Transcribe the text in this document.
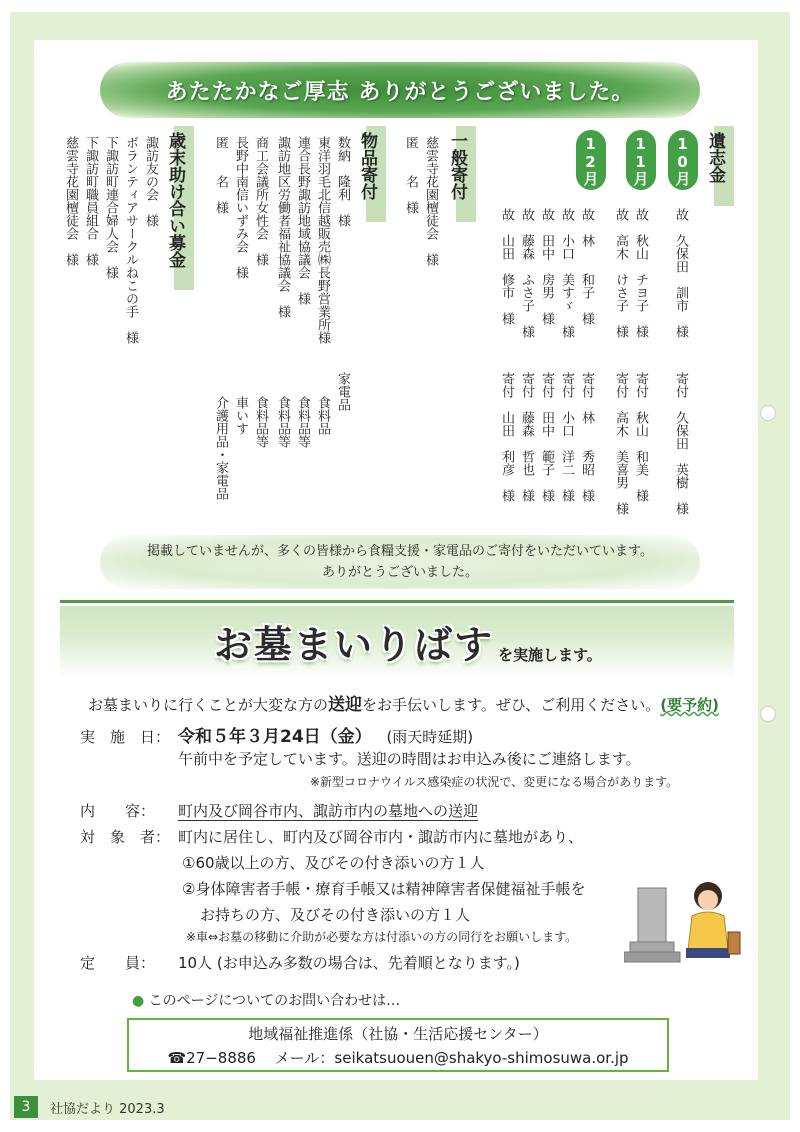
あたたかなご厚志 ありがとうございました。
遺志金
10月
11月
12月
故　久保田　訓市　様
寄付　久保田　英樹　様
故　秋山　チヨ子　様
寄付　秋山　和美　様
故　高木　けさ子　様
寄付　高木　美喜男　様
故　林　　和子　様
寄付　林　　秀昭　様
故　小口　美すゞ　様
寄付　小口　洋二　様
故　田中　房男　様
寄付　田中　範子　様
故　藤森　ふさ子　様
寄付　藤森　哲也　様
故　山田　修市　様
寄付　山田　利彦　様
一般寄付
慈雲寺花園檀徒会　様
匿　　名　様
物品寄付
数納　隆利　様
家電品
東洋羽毛北信越販売㈱長野営業所様
食料品
連合長野諏訪地域協議会　様
食料品等
諏訪地区労働者福祉協議会　様
食料品等
商工会議所女性会　様
食料品等
長野中南信いずみ会　様
車いす
匿　　名　様
介護用品・家電品
歳末助け合い募金
諏訪友の会　様
ボランティアサークルねこの手　様
下諏訪町連合婦人会　様
下諏訪町職員組合　様
慈雲寺花園檀徒会　様
掲載していませんが、多くの皆様から食糧支援・家電品のご寄付をいただいています。
ありがとうございました。
お墓まいりばす を実施します。
お墓まいりに行くことが大変な方の送迎をお手伝いします。ぜひ、ご利用ください。(要予約)
実　施　日： 令和５年３月24日（金） (雨天時延期)
午前中を予定しています。送迎の時間はお申込み後にご連絡します。
※新型コロナウイルス感染症の状況で、変更になる場合があります。
内　　容： 町内及び岡谷市内、諏訪市内の墓地への送迎
対　象　者： 町内に居住し、町内及び岡谷市内・諏訪市内に墓地があり、
①60歳以上の方、及びその付き添いの方１人
②身体障害者手帳・療育手帳又は精神障害者保健福祉手帳を
お持ちの方、及びその付き添いの方１人
※車⇔お墓の移動に介助が必要な方は付添いの方の同行をお願いします。
定　　員： 10人 (お申込み多数の場合は、先着順となります。)
● このページについてのお問い合わせは…
地域福祉推進係（社協・生活応援センター）
☎27−8886 メール：seikatsuouen@shakyo-shimosuwa.or.jp
3	社協だより 2023.3
